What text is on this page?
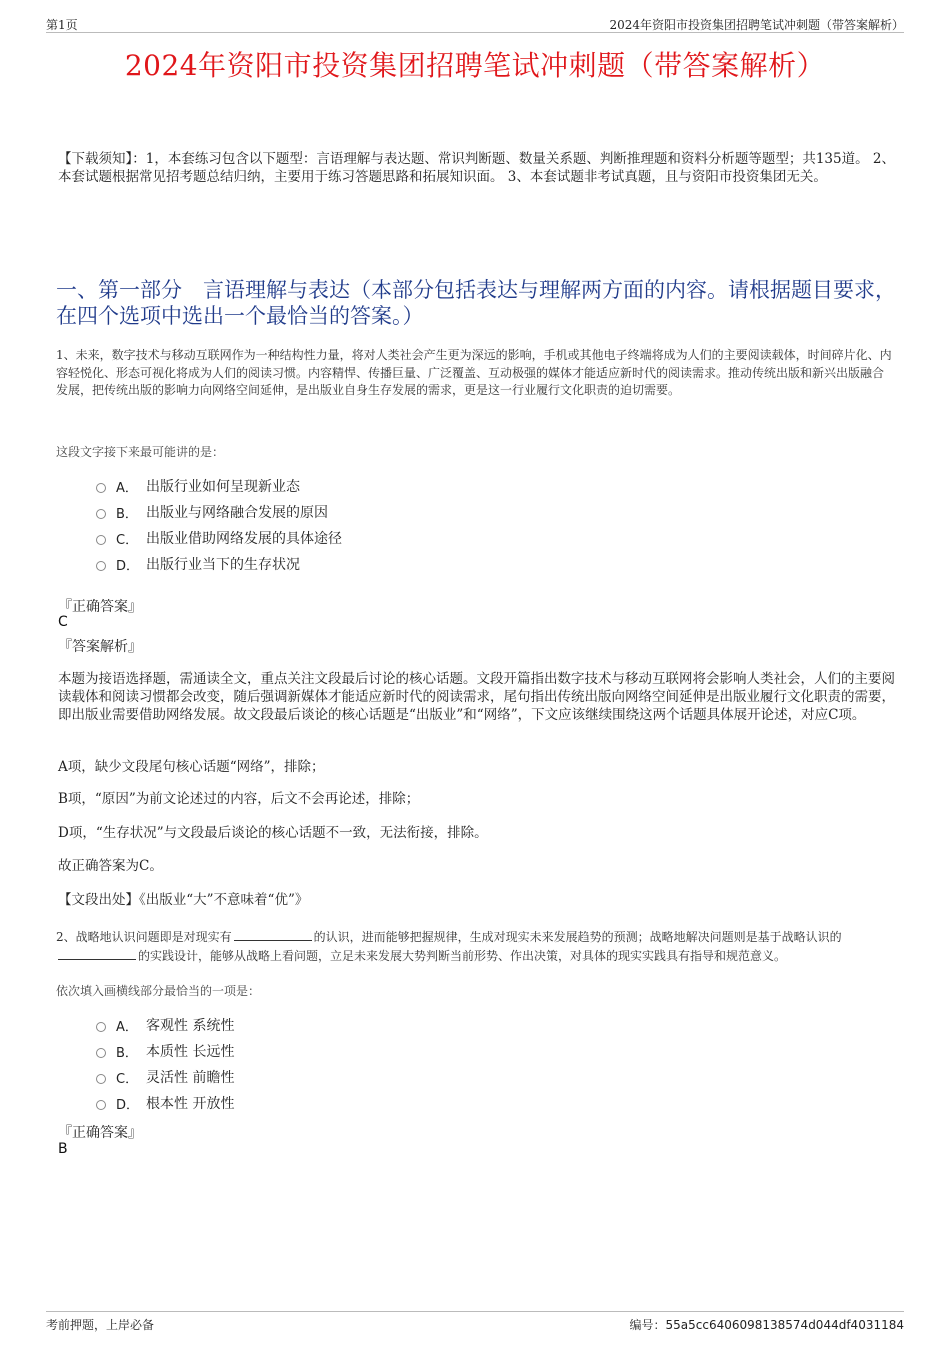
第1页	2024年资阳市投资集团招聘笔试冲刺题（带答案解析）
2024年资阳市投资集团招聘笔试冲刺题（带答案解析）
【下载须知】：1，本套练习包含以下题型：言语理解与表达题、常识判断题、数量关系题、判断推理题和资料分析题等题型；共135道。 2、本套试题根据常见招考题总结归纳，主要用于练习答题思路和拓展知识面。 3、本套试题非考试真题，且与资阳市投资集团无关。
一、第一部分　言语理解与表达（本部分包括表达与理解两方面的内容。请根据题目要求，在四个选项中选出一个最恰当的答案。）
1、未来，数字技术与移动互联网作为一种结构性力量，将对人类社会产生更为深远的影响，手机或其他电子终端将成为人们的主要阅读载体，时间碎片化、内容轻悦化、形态可视化将成为人们的阅读习惯。内容精悍、传播巨量、广泛覆盖、互动极强的媒体才能适应新时代的阅读需求。推动传统出版和新兴出版融合发展，把传统出版的影响力向网络空间延伸，是出版业自身生存发展的需求，更是这一行业履行文化职责的迫切需要。
这段文字接下来最可能讲的是：
A． 出版行业如何呈现新业态
B． 出版业与网络融合发展的原因
C． 出版业借助网络发展的具体途径
D． 出版行业当下的生存状况
『正确答案』
C
『答案解析』
本题为接语选择题，需通读全文，重点关注文段最后讨论的核心话题。文段开篇指出数字技术与移动互联网将会影响人类社会，人们的主要阅读载体和阅读习惯都会改变，随后强调新媒体才能适应新时代的阅读需求，尾句指出传统出版向网络空间延伸是出版业履行文化职责的需要，即出版业需要借助网络发展。故文段最后谈论的核心话题是“出版业”和“网络”，下文应该继续围绕这两个话题具体展开论述，对应C项。
A项，缺少文段尾句核心话题“网络”，排除；
B项，“原因”为前文论述过的内容，后文不会再论述，排除；
D项，“生存状况”与文段最后谈论的核心话题不一致，无法衔接，排除。
故正确答案为C。
【文段出处】《出版业“大”不意味着“优”》
2、战略地认识问题即是对现实有	的认识，进而能够把握规律，生成对现实未来发展趋势的预测；战略地解决问题则是基于战略认识的的实践设计，能够从战略上看问题，立足未来发展大势判断当前形势、作出决策，对具体的现实实践具有指导和规范意义。
依次填入画横线部分最恰当的一项是：
A． 客观性 系统性
B． 本质性 长远性
C． 灵活性 前瞻性
D． 根本性 开放性
『正确答案』
B
考前押题，上岸必备	编号：55a5cc6406098138574d044df4031184
